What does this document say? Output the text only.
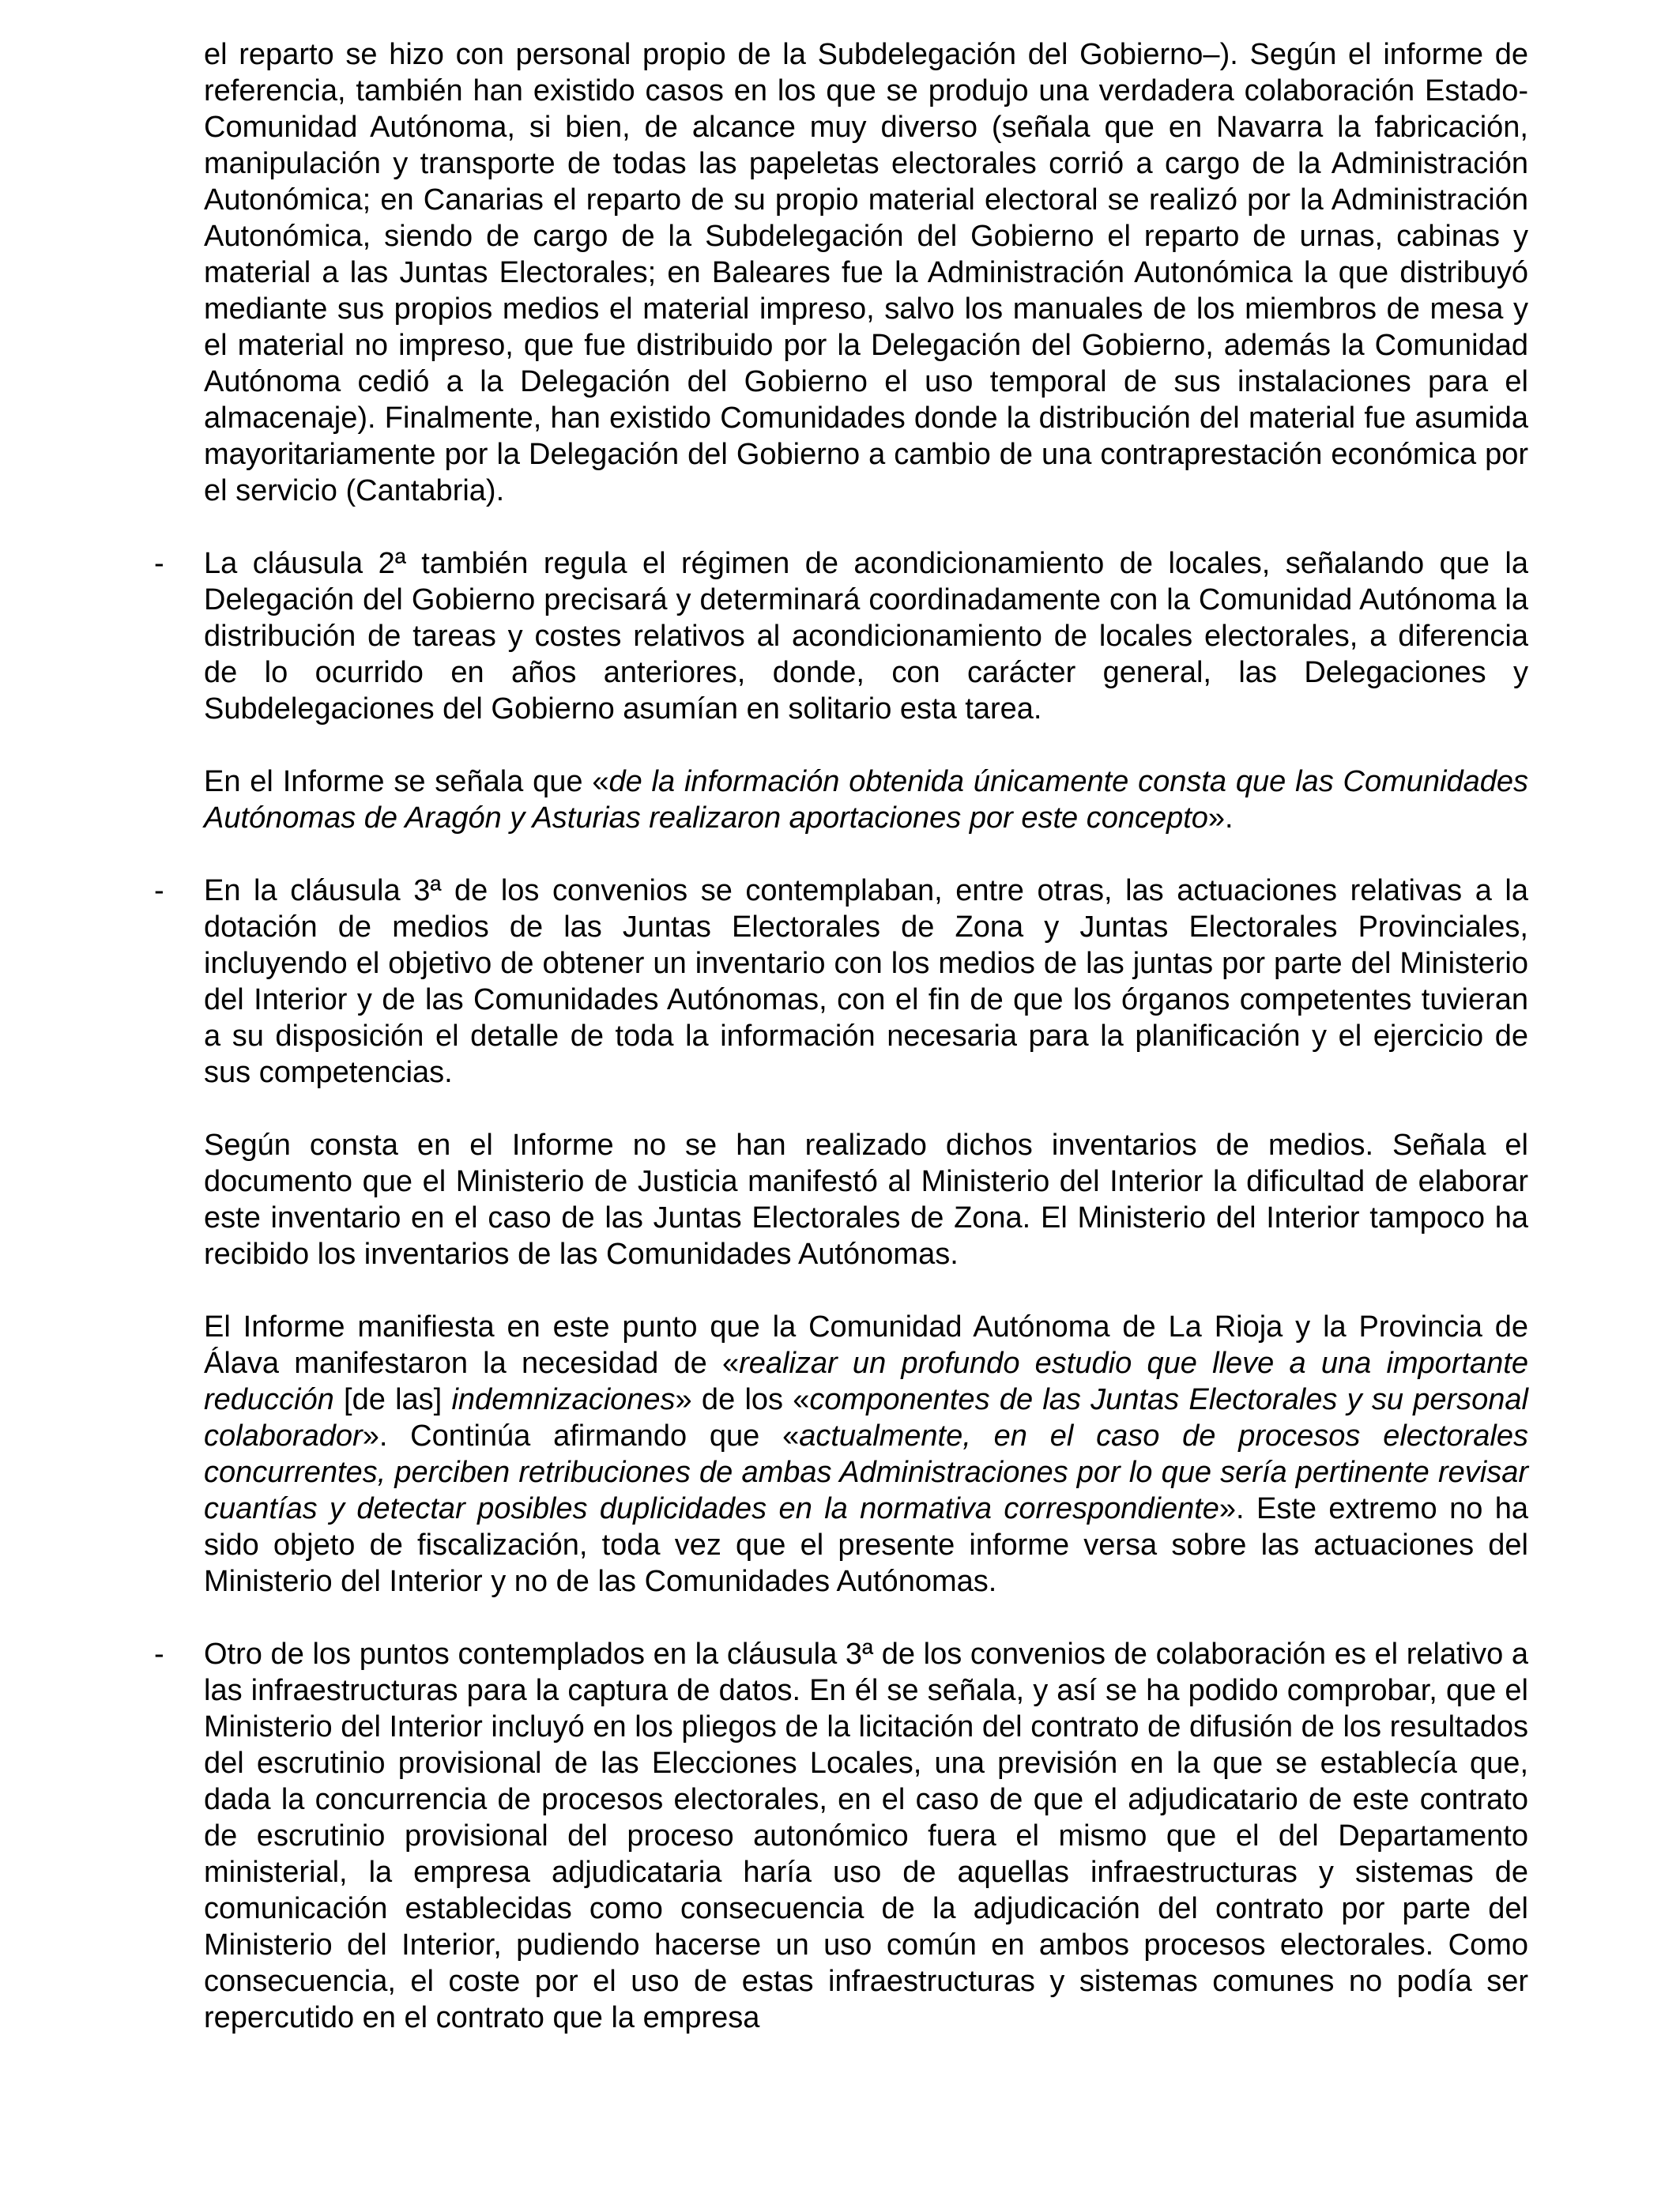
el reparto se hizo con personal propio de la Subdelegación del Gobierno–). Según el informe de referencia, también han existido casos en los que se produjo una verdadera colaboración Estado-Comunidad Autónoma, si bien, de alcance muy diverso (señala que en Navarra la fabricación, manipulación y transporte de todas las papeletas electorales corrió a cargo de la Administración Autonómica; en Canarias el reparto de su propio material electoral se realizó por la Administración Autonómica, siendo de cargo de la Subdelegación del Gobierno el reparto de urnas, cabinas y material a las Juntas Electorales; en Baleares fue la Administración Autonómica la que distribuyó mediante sus propios medios el material impreso, salvo los manuales de los miembros de mesa y el material no impreso, que fue distribuido por la Delegación del Gobierno, además la Comunidad Autónoma cedió a la Delegación del Gobierno el uso temporal de sus instalaciones para el almacenaje). Finalmente, han existido Comunidades donde la distribución del material fue asumida mayoritariamente por la Delegación del Gobierno a cambio de una contraprestación económica por el servicio (Cantabria).

- La cláusula 2ª también regula el régimen de acondicionamiento de locales, señalando que la Delegación del Gobierno precisará y determinará coordinadamente con la Comunidad Autónoma la distribución de tareas y costes relativos al acondicionamiento de locales electorales, a diferencia de lo ocurrido en años anteriores, donde, con carácter general, las Delegaciones y Subdelegaciones del Gobierno asumían en solitario esta tarea.

En el Informe se señala que «de la información obtenida únicamente consta que las Comunidades Autónomas de Aragón y Asturias realizaron aportaciones por este concepto».

- En la cláusula 3ª de los convenios se contemplaban, entre otras, las actuaciones relativas a la dotación de medios de las Juntas Electorales de Zona y Juntas Electorales Provinciales, incluyendo el objetivo de obtener un inventario con los medios de las juntas por parte del Ministerio del Interior y de las Comunidades Autónomas, con el fin de que los órganos competentes tuvieran a su disposición el detalle de toda la información necesaria para la planificación y el ejercicio de sus competencias.

Según consta en el Informe no se han realizado dichos inventarios de medios. Señala el documento que el Ministerio de Justicia manifestó al Ministerio del Interior la dificultad de elaborar este inventario en el caso de las Juntas Electorales de Zona. El Ministerio del Interior tampoco ha recibido los inventarios de las Comunidades Autónomas.

El Informe manifiesta en este punto que la Comunidad Autónoma de La Rioja y la Provincia de Álava manifestaron la necesidad de «realizar un profundo estudio que lleve a una importante reducción [de las] indemnizaciones» de los «componentes de las Juntas Electorales y su personal colaborador». Continúa afirmando que «actualmente, en el caso de procesos electorales concurrentes, perciben retribuciones de ambas Administraciones por lo que sería pertinente revisar cuantías y detectar posibles duplicidades en la normativa correspondiente». Este extremo no ha sido objeto de fiscalización, toda vez que el presente informe versa sobre las actuaciones del Ministerio del Interior y no de las Comunidades Autónomas.

- Otro de los puntos contemplados en la cláusula 3ª de los convenios de colaboración es el relativo a las infraestructuras para la captura de datos. En él se señala, y así se ha podido comprobar, que el Ministerio del Interior incluyó en los pliegos de la licitación del contrato de difusión de los resultados del escrutinio provisional de las Elecciones Locales, una previsión en la que se establecía que, dada la concurrencia de procesos electorales, en el caso de que el adjudicatario de este contrato de escrutinio provisional del proceso autonómico fuera el mismo que el del Departamento ministerial, la empresa adjudicataria haría uso de aquellas infraestructuras y sistemas de comunicación establecidas como consecuencia de la adjudicación del contrato por parte del Ministerio del Interior, pudiendo hacerse un uso común en ambos procesos electorales. Como consecuencia, el coste por el uso de estas infraestructuras y sistemas comunes no podía ser repercutido en el contrato que la empresa
